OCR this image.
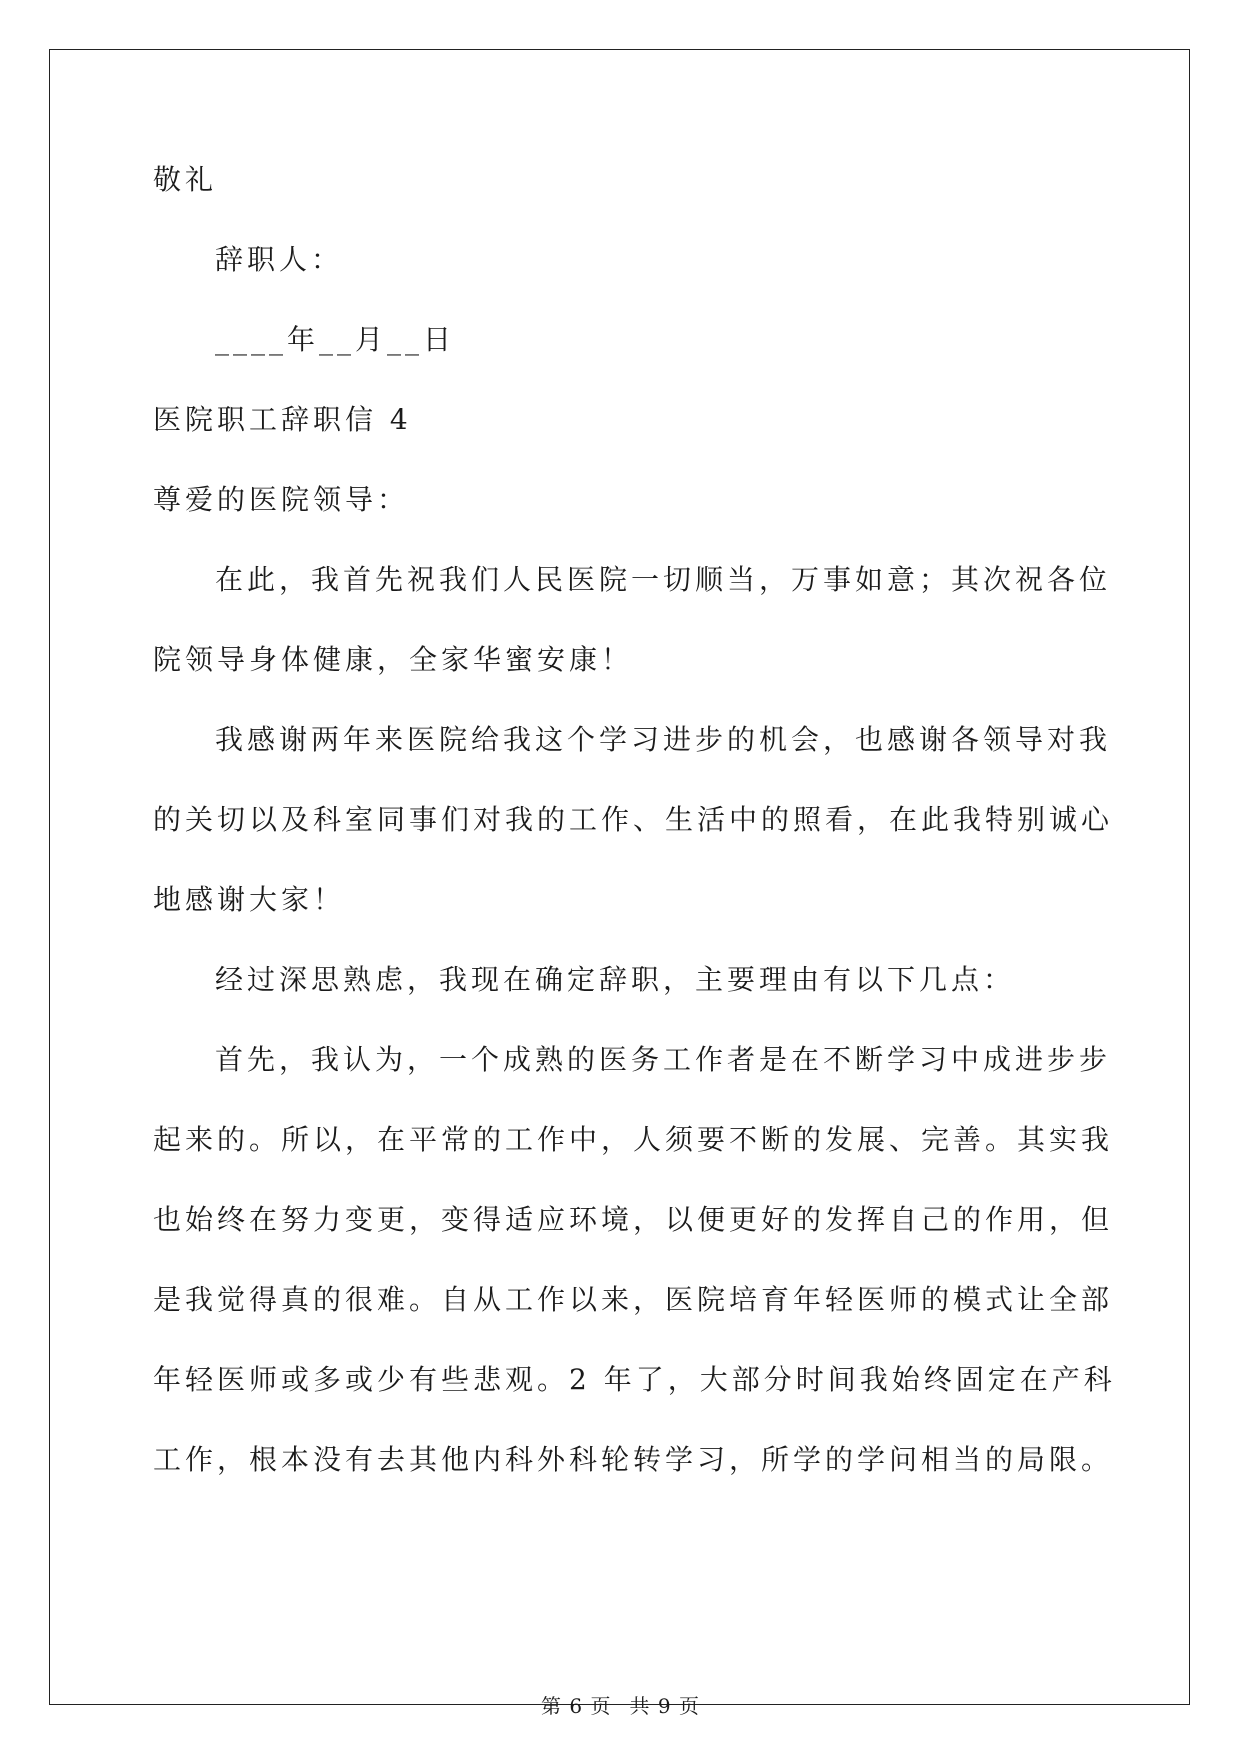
敬礼
辞职人：
____年__月__日
医院职工辞职信 4
尊爱的医院领导：
在此，我首先祝我们人民医院一切顺当，万事如意；其次祝各位
院领导身体健康，全家华蜜安康！
我感谢两年来医院给我这个学习进步的机会，也感谢各领导对我
的关切以及科室同事们对我的工作、生活中的照看，在此我特别诚心
地感谢大家！
经过深思熟虑，我现在确定辞职，主要理由有以下几点：
首先，我认为，一个成熟的医务工作者是在不断学习中成进步步
起来的。所以，在平常的工作中，人须要不断的发展、完善。其实我
也始终在努力变更，变得适应环境，以便更好的发挥自己的作用，但
是我觉得真的很难。自从工作以来，医院培育年轻医师的模式让全部
年轻医师或多或少有些悲观。2 年了，大部分时间我始终固定在产科
工作，根本没有去其他内科外科轮转学习，所学的学问相当的局限。
第 6 页 共 9 页
